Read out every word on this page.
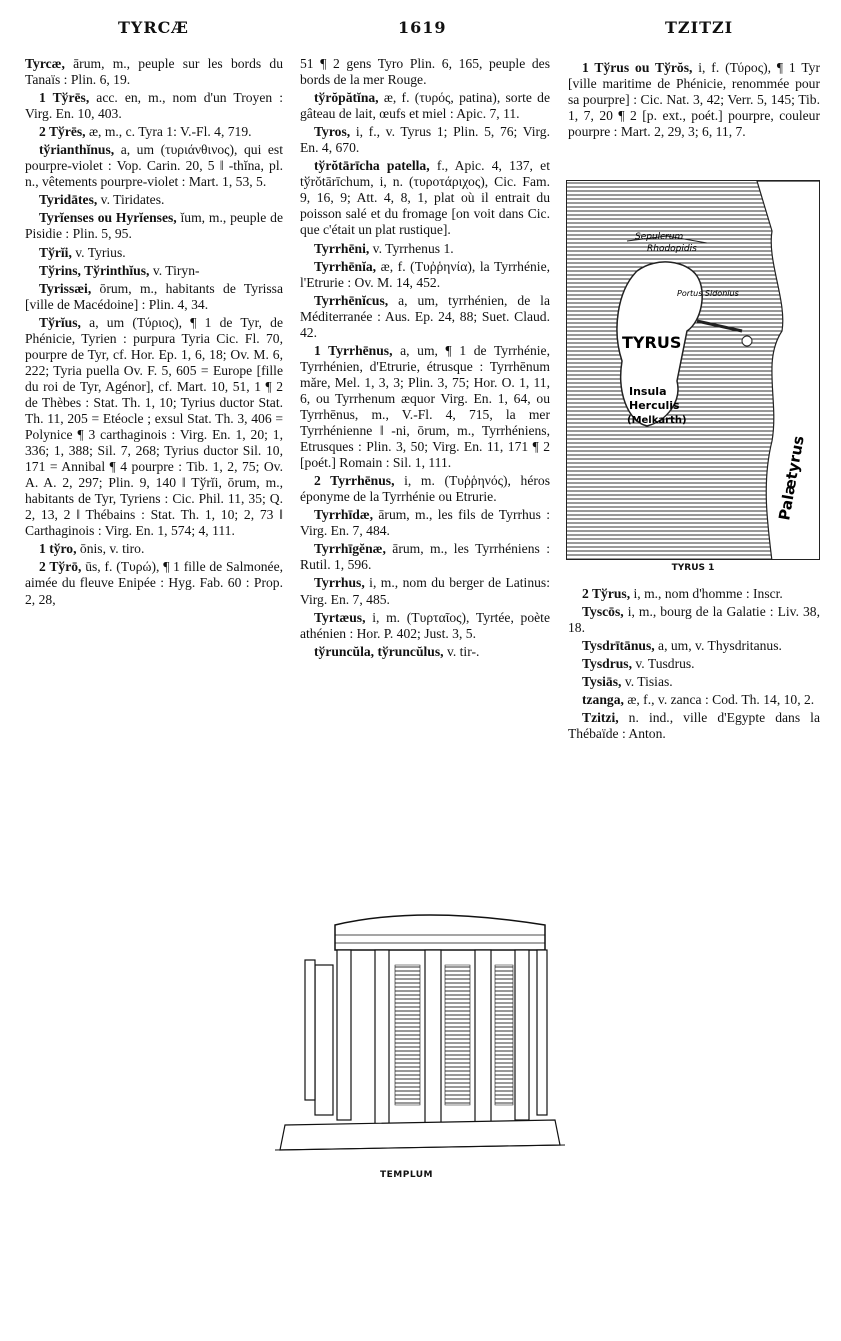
TYRCÆ	1619	TZITZI

Tyrcæ, ārum, m., peuple sur les bords du Tanaïs : Plin. 6, 19.

1 Tўrēs, acc. en, m., nom d'un Troyen : Virg. En. 10, 403.

2 Tўrēs, æ, m., c. Tyra 1: V.-Fl. 4, 719.

tўrianthĭnus, a, um (τυριάνθινος), qui est pourpre-violet : Vop. Carin. 20, 5 ‖ -thĭna, pl. n., vêtements pourpre-violet : Mart. 1, 53, 5.

Tyridātes, v. Tiridates.

Tyrĭenses ou Hyrĭenses, ĭum, m., peuple de Pisidie : Plin. 5, 95.

Tўrĭi, v. Tyrius.

Tўrins, Tўrinthĭus, v. Tiryn-

Tyrissæi, ōrum, m., habitants de Tyrissa [ville de Macédoine] : Plin. 4, 34.

Tўrĭus, a, um (Τύριος), ¶ 1 de Tyr, de Phénicie, Tyrien : purpura Tyria Cic. Fl. 70, pourpre de Tyr, cf. Hor. Ep. 1, 6, 18; Ov. M. 6, 222; Tyria puella Ov. F. 5, 605 = Europe [fille du roi de Tyr, Agénor], cf. Mart. 10, 51, 1 ¶ 2 de Thèbes : Stat. Th. 1, 10; Tyrius ductor Stat. Th. 11, 205 = Etéocle ; exsul Stat. Th. 3, 406 = Polynice ¶ 3 carthaginois : Virg. En. 1, 20; 1, 336; 1, 388; Sil. 7, 268; Tyrius ductor Sil. 10, 171 = Annibal ¶ 4 pourpre : Tib. 1, 2, 75; Ov. A. A. 2, 297; Plin. 9, 140 ‖ Tўrĭi, ōrum, m., habitants de Tyr, Tyriens : Cic. Phil. 11, 35; Q. 2, 13, 2 ‖ Thébains : Stat. Th. 1, 10; 2, 73 ‖ Carthaginois : Virg. En. 1, 574; 4, 111.

1 tўro, ōnis, v. tiro.

2 Tўrō, ūs, f. (Τυρώ), ¶ 1 fille de Salmonée, aimée du fleuve Enipée : Hyg. Fab. 60 : Prop. 2, 28,

51 ¶ 2 gens Tyro Plin. 6, 165, peuple des bords de la mer Rouge.

tўrŏpătĭna, æ, f. (τυρός, patina), sorte de gâteau de lait, œufs et miel : Apic. 7, 11.

Tyros, i, f., v. Tyrus 1; Plin. 5, 76; Virg. En. 4, 670.

tўrŏtārīcha patella, f., Apic. 4, 137, et tўrŏtārīchum, i, n. (τυροτάριχος), Cic. Fam. 9, 16, 9; Att. 4, 8, 1, plat où il entrait du poisson salé et du fromage [on voit dans Cic. que c'était un plat rustique].

Tyrrhēni, v. Tyrrhenus 1.

Tyrrhēnĭa, æ, f. (Τυῤῥηνία), la Tyrrhénie, l'Etrurie : Ov. M. 14, 452.

Tyrrhēnĭcus, a, um, tyrrhénien, de la Méditerranée : Aus. Ep. 24, 88; Suet. Claud. 42.

1 Tyrrhēnus, a, um, ¶ 1 de Tyrrhénie, Tyrrhénien, d'Etrurie, étrusque : Tyrrhēnum măre, Mel. 1, 3, 3; Plin. 3, 75; Hor. O. 1, 11, 6, ou Tyrrhenum æquor Virg. En. 1, 64, ou Tyrrhēnus, m., V.-Fl. 4, 715, la mer Tyrrhénienne ‖ -ni, ōrum, m., Tyrrhéniens, Etrusques : Plin. 3, 50; Virg. En. 11, 171 ¶ 2 [poét.] Romain : Sil. 1, 111.

2 Tyrrhēnus, i, m. (Τυῤῥηνός), héros éponyme de la Tyrrhénie ou Etrurie.

Tyrrhīdæ, ārum, m., les fils de Tyrrhus : Virg. En. 7, 484.

Tyrrhīgĕnæ, ārum, m., les Tyrrhéniens : Rutil. 1, 596.

Tyrrhus, i, m., nom du berger de Latinus: Virg. En. 7, 485.

Tyrtæus, i, m. (Τυρταῖος), Tyrtée, poète athénien : Hor. P. 402; Just. 3, 5.

tўruncŭla, tўruncŭlus, v. tir-.

1 Tўrus ou Tўrŏs, i, f. (Τύρος), ¶ 1 Tyr [ville maritime de Phénicie, renommée pour sa pourpre] : Cic. Nat. 3, 42; Verr. 5, 145; Tib. 1, 7, 20 ¶ 2 [p. ext., poét.] pourpre, couleur pourpre : Mart. 2, 29, 3; 6, 11, 7.

Sepulcrum
Rhodopidis
Portus Sidonius
TYRUS
Insula
Herculis
(Melkarth)
Palætyrus
TYRUS 1

2 Tўrus, i, m., nom d'homme : Inscr.

Tyscōs, i, m., bourg de la Galatie : Liv. 38, 18.

Tysdrītānus, a, um, v. Thysdritanus.

Tysdrus, v. Tusdrus.

Tysiās, v. Tisias.

tzanga, æ, f., v. zanca : Cod. Th. 14, 10, 2.

Tzitzi, n. ind., ville d'Egypte dans la Thébaïde : Anton.

TEMPLUM
